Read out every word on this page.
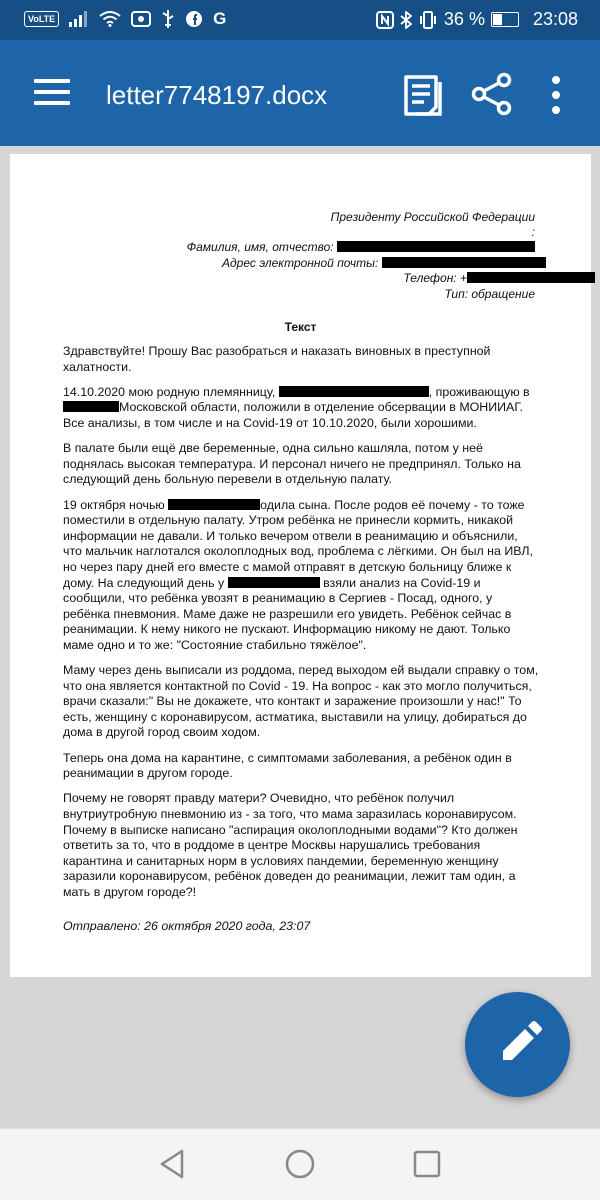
VoLTE	G	36 %	23:08
letter7748197.docx
Президенту Российской Федерации
:
Фамилия, имя, отчество:
Адрес электронной почты:
Телефон: +
Тип: обращение
Текст

Здравствуйте! Прошу Вас разобраться и наказать виновных в преступной халатности.

14.10.2020 мою родную племянницу,	, проживающую в Московской области, положили в отделение обсервации в МОНИИАГ. Все анализы, в том числе и на Covid-19 от 10.10.2020, были хорошими.

В палате были ещё две беременные, одна сильно кашляла, потом у неё поднялась высокая температура. И персонал ничего не предпринял. Только на следующий день больную перевели в отдельную палату.

19 октября ночью	одила сына. После родов её почему - то тоже поместили в отдельную палату. Утром ребёнка не принесли кормить, никакой информации не давали. И только вечером отвели в реанимацию и объяснили, что мальчик наглотался околоплодных вод, проблема с лёгкими. Он был на ИВЛ, но через пару дней его вместе с мамой отправят в детскую больницу ближе к дому. На следующий день у	взяли анализ на Covid-19 и сообщили, что ребёнка увозят в реанимацию в Сергиев - Посад, одного, у ребёнка пневмония. Маме даже не разрешили его увидеть. Ребёнок сейчас в реанимации. К нему никого не пускают. Информацию никому не дают. Только маме одно и то же: "Состояние стабильно тяжёлое".

Маму через день выписали из роддома, перед выходом ей выдали справку о том, что она является контактной по Covid - 19. На вопрос - как это могло получиться, врачи сказали:" Вы не докажете, что контакт и заражение произошли у нас!" То есть, женщину с коронавирусом, астматика, выставили на улицу, добираться до дома в другой город своим ходом.

Теперь она дома на карантине, с симптомами заболевания, а ребёнок один в реанимации в другом городе.

Почему не говорят правду матери? Очевидно, что ребёнок получил внутриутробную пневмонию из - за того, что мама заразилась коронавирусом. Почему в выписке написано "аспирация околоплодными водами"? Кто должен ответить за то, что в роддоме в центре Москвы нарушались требования карантина и санитарных норм в условиях пандемии, беременную женщину заразили коронавирусом, ребёнок доведен до реанимации, лежит там один, а мать в другом городе?!

Отправлено: 26 октября 2020 года, 23:07
